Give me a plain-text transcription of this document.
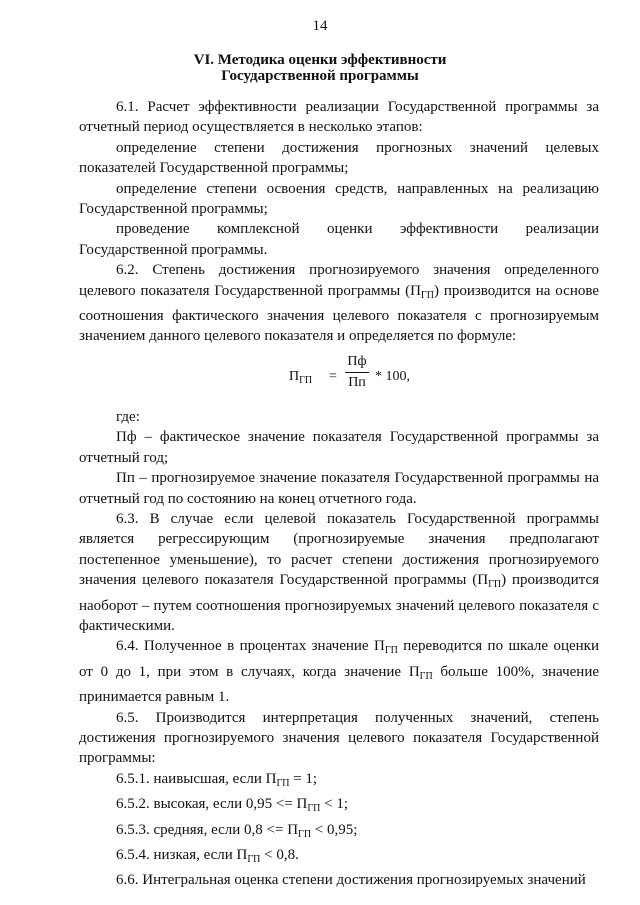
14
VI. Методика оценки эффективности
Государственной программы

6.1. Расчет эффективности реализации Государственной программы за отчетный период осуществляется в несколько этапов:

определение степени достижения прогнозных значений целевых показателей Государственной программы;

определение степени освоения средств, направленных на реализацию Государственной программы;

проведение комплексной оценки эффективности реализации Государственной программы.

6.2. Степень достижения прогнозируемого значения определенного целевого показателя Государственной программы $(П_{ГП})$ производится на основе соотношения фактического значения целевого показателя с прогнозируемым значением данного целевого показателя и определяется по формуле:

$П_{ГП}$ =
Пф
Пп * 100,

где:

Пф – фактическое значение показателя Государственной программы за отчетный год;

Пп – прогнозируемое значение показателя Государственной программы на отчетный год по состоянию на конец отчетного года.

6.3. В случае если целевой показатель Государственной программы является регрессирующим (прогнозируемые значения предполагают постепенное уменьшение), то расчет степени достижения прогнозируемого значения целевого показателя Государственной программы $(П_{ГП})$ производится наоборот – путем соотношения прогнозируемых значений целевого показателя с фактическими.

6.4. Полученное в процентах значение $П_{ГП}$ переводится по шкале оценки от 0 до 1, при этом в случаях, когда значение $П_{ГП}$ больше 100%, значение принимается равным 1.

6.5. Производится интерпретация полученных значений, степень достижения прогнозируемого значения целевого показателя Государственной программы:

6.5.1. наивысшая, если $П_{ГП} = 1$;

6.5.2. высокая, если $0,95 <= П_{ГП} < 1$;

6.5.3. средняя, если $0,8 <= П_{ГП} < 0,95$;

6.5.4. низкая, если $П_{ГП} < 0,8$.

6.6. Интегральная оценка степени достижения прогнозируемых значений
